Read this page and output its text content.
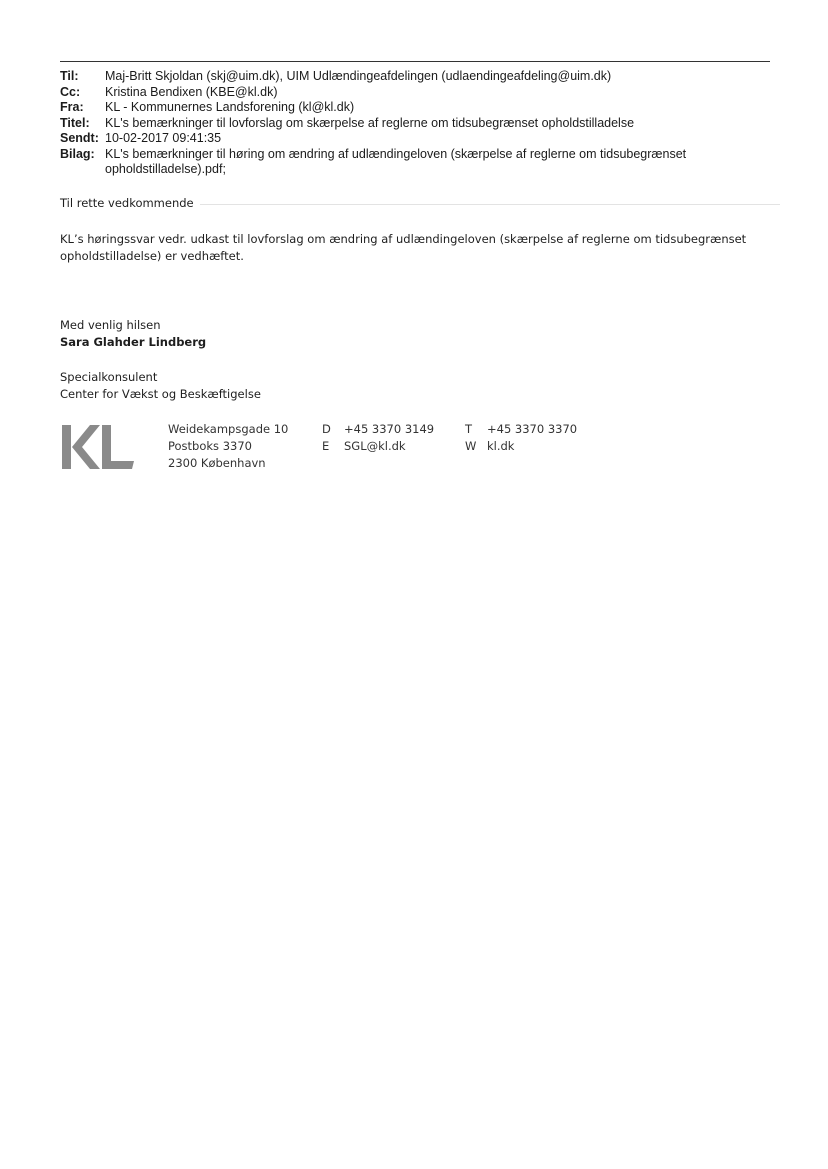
Til:	Maj-Britt Skjoldan (skj@uim.dk), UIM Udlændingeafdelingen (udlaendingeafdeling@uim.dk)
Cc:	Kristina Bendixen (KBE@kl.dk)
Fra:	KL - Kommunernes Landsforening (kl@kl.dk)
Titel:	KL's bemærkninger til lovforslag om skærpelse af reglerne om tidsubegrænset opholdstilladelse
Sendt: 10-02-2017 09:41:35
Bilag: KL's bemærkninger til høring om ændring af udlændingeloven (skærpelse af reglerne om tidsubegrænset opholdstilladelse).pdf;
Til rette vedkommende
KL’s høringssvar vedr. udkast til lovforslag om ændring af udlændingeloven (skærpelse af reglerne om tidsubegrænset opholdstilladelse) er vedhæftet.
Med venlig hilsen
Sara Glahder Lindberg
Specialkonsulent
Center for Vækst og Beskæftigelse
Weidekampsgade 10
Postboks 3370
2300 København
D +45 3370 3149
E SGL@kl.dk
T +45 3370 3370
W kl.dk
